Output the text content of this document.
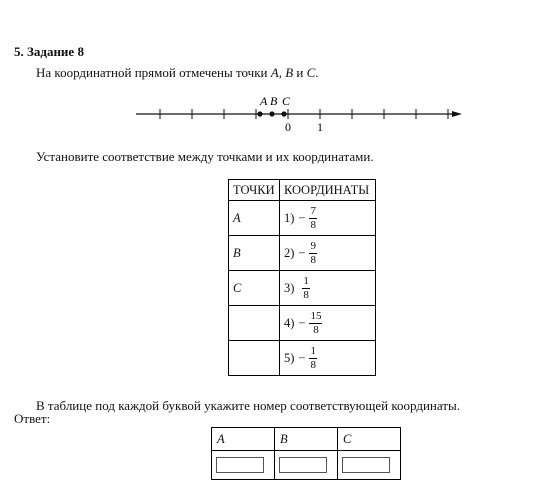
5. Задание 8
На координатной прямой отмечены точки A, B и C.
A B C
0 1
Установите соответствие между точками и их координатами.
ТОЧКИ	КООРДИНАТЫ
A	$1) - \frac{7}{8}$

B	$2) - \frac{9}{8}$

C	$3) \frac{1}{8}$

	$4) - \frac{15}{8}$

	$5) - \frac{1}{8}$
В таблице под каждой буквой укажите номер соответствующей координаты.
Ответ:
A	B	C
